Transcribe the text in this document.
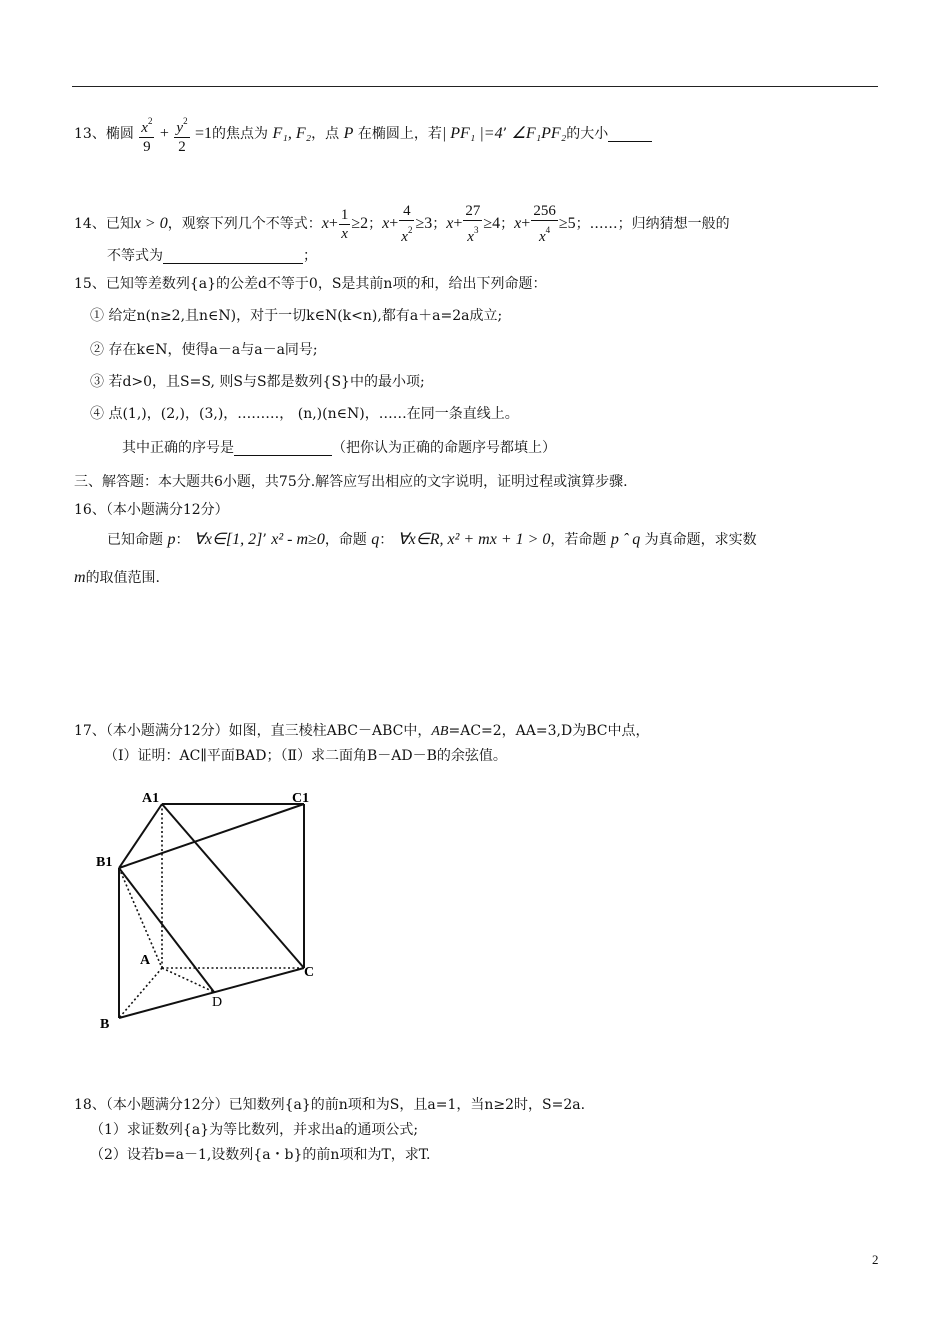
13、椭圆 $\frac{x^2}{9} + \frac{y^2}{2} =1$的焦点为 F₁, F₂，点 P 在椭圆上，若| PF₁ |=4’ ∠F₁PF₂的大小
14、已知x > 0，观察下列几个不等式：$x+ \frac{1}{x} \ge 2$；$x+ \frac{4}{x^2} \ge 3$；$x+ \frac{27}{x^3} \ge 4$；$x+ \frac{256}{x^4} \ge 5$；……；归纳猜想一般的
不等式为	；
15、已知等差数列{a}的公差d不等于0，S是其前n项的和，给出下列命题：
① 给定n(n≥2,且n∈N)，对于一切k∈N(k<n),都有a＋a=2a成立;
② 存在k∈N，使得a－a与a－a同号;
③ 若d>0，且S=S, 则S与S都是数列{S}中的最小项;
④ 点(1,)，(2,)，(3,)，………， (n,)(n∈N)，……在同一条直线上。
其中正确的序号是	（把你认为正确的命题序号都填上）
三、解答题：本大题共6小题，共75分.解答应写出相应的文字说明，证明过程或演算步骤.
16、（本小题满分12分）
已知命题 p： ∀x∈[1, 2]’ x² - m≥0，命题 q： ∀x∈R, x² + mx + 1 > 0，若命题 p ˆ q 为真命题，求实数
m的取值范围.
17、（本小题满分12分）如图，直三棱柱ABC－ABC中，AB=AC=2，AA=3,D为BC中点，
（Ⅰ）证明：AC∥平面BAD；（Ⅱ）求二面角B－AD－B的余弦值。
A1	C1
B1
A
C
D
B
18、（本小题满分12分）已知数列{a}的前n项和为S，且a=1，当n≥2时，S=2a.
（1）求证数列{a}为等比数列，并求出a的通项公式;
（2）设若b=a－1,设数列{a・b}的前n项和为T，求T.
2
